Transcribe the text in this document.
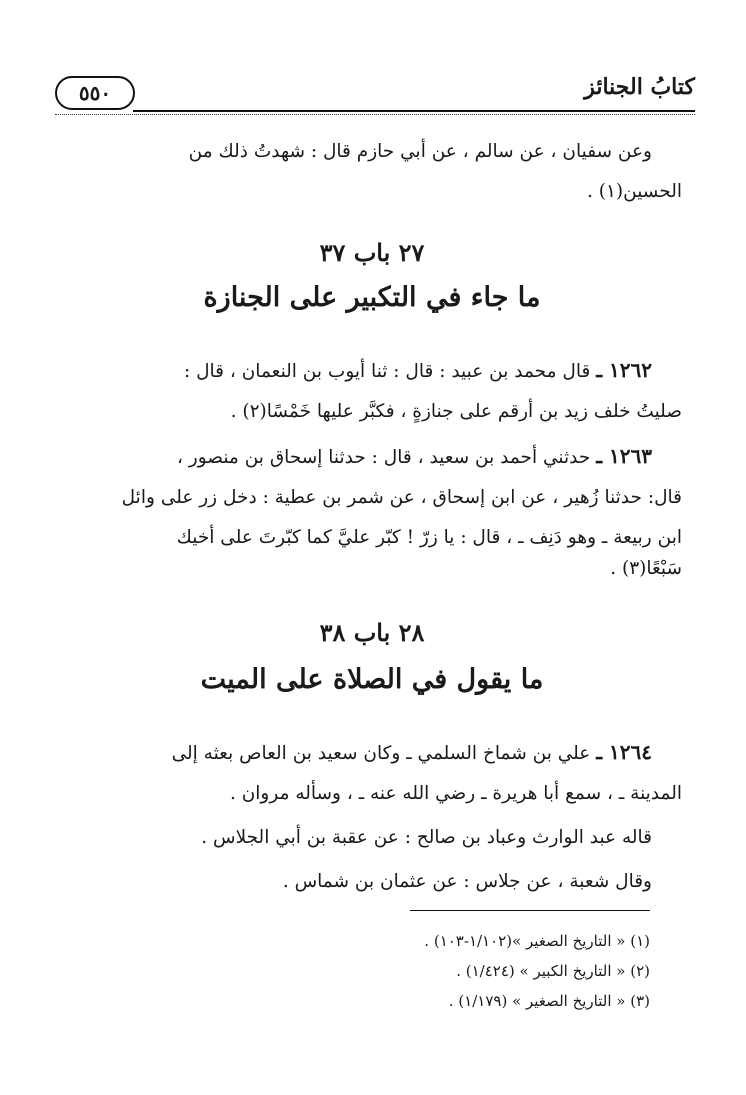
٥٥٠	كتابُ الجنائز
وعن سفيان ، عن سالم ، عن أبي حازم قال : شهدتُ ذلك من
الحسين(١) .
٢٧ باب ٣٧
ما جاء في التكبير على الجنازة
١٢٦٢ ـ قال محمد بن عبيد : قال : ثنا أيوب بن النعمان ، قال :
صليتُ خلف زيد بن أرقم على جنازةٍ ، فكبَّر عليها خَمْسًا(٢) .
١٢٦٣ ـ حدثني أحمد بن سعيد ، قال : حدثنا إسحاق بن منصور ،
قال: حدثنا زُهير ، عن ابن إسحاق ، عن شمر بن عطية : دخل زر على وائل
ابن ربيعة ـ وهو دَنِف ـ ، قال : يا زرّ ! كبّر عليَّ كما كبّرتَ على أخيك
سَبْعًا(٣) .
٢٨ باب ٣٨
ما يقول في الصلاة على الميت
١٢٦٤ ـ علي بن شماخ السلمي ـ وكان سعيد بن العاص بعثه إلى
المدينة ـ ، سمع أبا هريرة ـ رضي الله عنه ـ ، وسأله مروان .
قاله عبد الوارث وعباد بن صالح : عن عقبة بن أبي الجلاس .
وقال شعبة ، عن جلاس : عن عثمان بن شماس .
(١) « التاريخ الصغير »(١/١٠٢-١٠٣) .
(٢) « التاريخ الكبير » (١/٤٢٤) .
(٣) « التاريخ الصغير » (١/١٧٩) .
